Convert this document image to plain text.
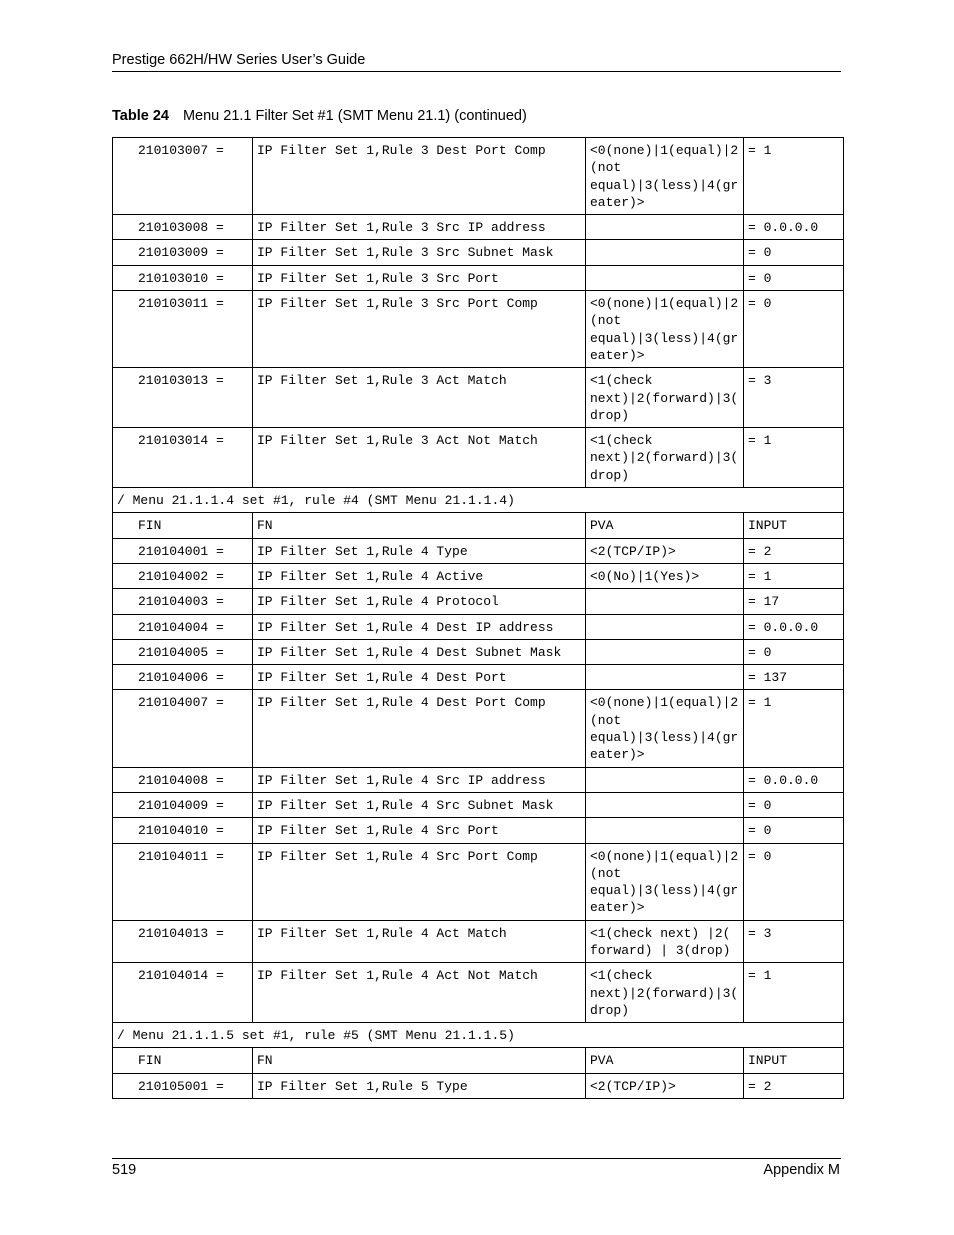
Prestige 662H/HW Series User’s Guide
Table 24 Menu 21.1 Filter Set #1 (SMT Menu 21.1) (continued)
210103007 =	IP Filter Set 1,Rule 3 Dest Port Comp	<0(none)|1(equal)|2(not equal)|3(less)|4(greater)>	= 1
210103008 =	IP Filter Set 1,Rule 3 Src IP address		= 0.0.0.0
210103009 =	IP Filter Set 1,Rule 3 Src Subnet Mask		= 0
210103010 =	IP Filter Set 1,Rule 3 Src Port		= 0
210103011 =	IP Filter Set 1,Rule 3 Src Port Comp	<0(none)|1(equal)|2(not equal)|3(less)|4(greater)>	= 0
210103013 =	IP Filter Set 1,Rule 3 Act Match	<1(check next)|2(forward)|3(drop)	= 3
210103014 =	IP Filter Set 1,Rule 3 Act Not Match	<1(check next)|2(forward)|3(drop)	= 1
/ Menu 21.1.1.4 set #1, rule #4 (SMT Menu 21.1.1.4)			
FIN	FN	PVA	INPUT
210104001 =	IP Filter Set 1,Rule 4 Type	<2(TCP/IP)>	= 2
210104002 =	IP Filter Set 1,Rule 4 Active	<0(No)|1(Yes)>	= 1
210104003 =	IP Filter Set 1,Rule 4 Protocol		= 17
210104004 =	IP Filter Set 1,Rule 4 Dest IP address		= 0.0.0.0
210104005 =	IP Filter Set 1,Rule 4 Dest Subnet Mask		= 0
210104006 =	IP Filter Set 1,Rule 4 Dest Port		= 137
210104007 =	IP Filter Set 1,Rule 4 Dest Port Comp	<0(none)|1(equal)|2(not equal)|3(less)|4(greater)>	= 1
210104008 =	IP Filter Set 1,Rule 4 Src IP address		= 0.0.0.0
210104009 =	IP Filter Set 1,Rule 4 Src Subnet Mask		= 0
210104010 =	IP Filter Set 1,Rule 4 Src Port		= 0
210104011 =	IP Filter Set 1,Rule 4 Src Port Comp	<0(none)|1(equal)|2(not equal)|3(less)|4(greater)>	= 0
210104013 =	IP Filter Set 1,Rule 4 Act Match	<1(check next) |2( forward) | 3(drop)	= 3
210104014 =	IP Filter Set 1,Rule 4 Act Not Match	<1(check next)|2(forward)|3(drop)	= 1
/ Menu 21.1.1.5 set #1, rule #5 (SMT Menu 21.1.1.5)			
FIN	FN	PVA	INPUT
210105001 =	IP Filter Set 1,Rule 5 Type	<2(TCP/IP)>	= 2
519	Appendix M
